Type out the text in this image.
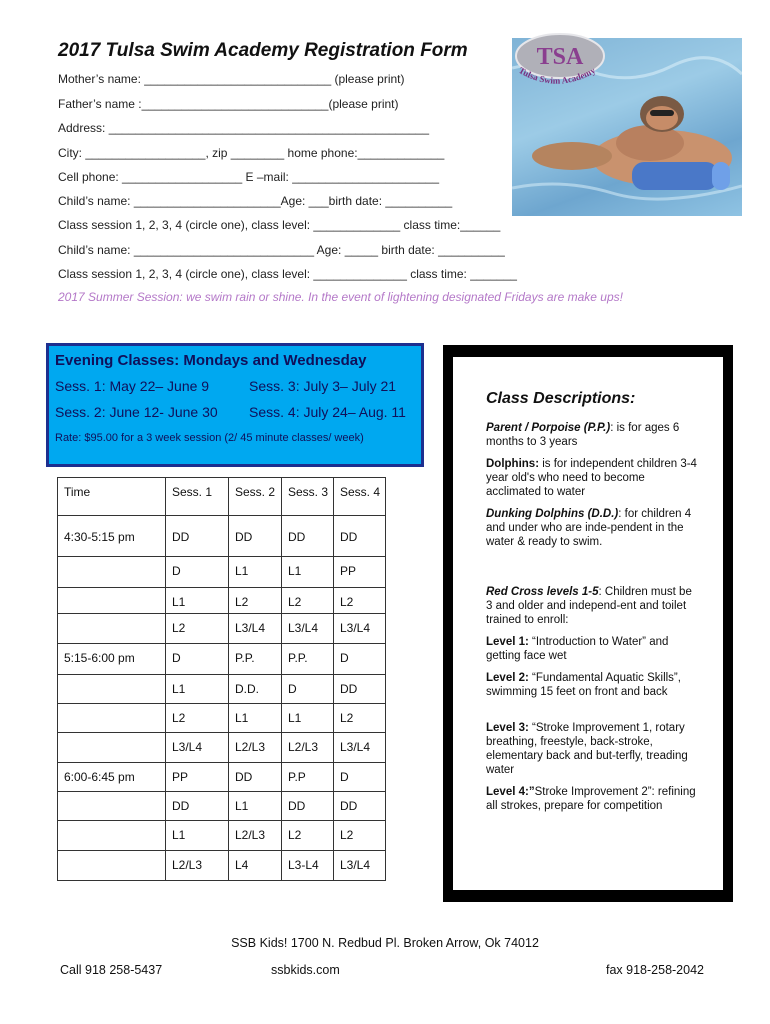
2017 Tulsa Swim Academy Registration Form
Mother’s name: ____________________________ (please print)
Father’s name :____________________________(please print)
Address: ________________________________________________
City: __________________, zip ________ home phone:_____________
Cell phone: __________________ E –mail: ______________________
Child’s name: ______________________Age: ___birth date: __________
Class session 1, 2, 3, 4 (circle one), class level: _____________ class time:______
Child’s name: ___________________________ Age: _____ birth date: __________
Class session 1, 2, 3, 4 (circle one), class level: ______________ class time: _______
2017 Summer Session: we swim rain or shine. In the event of lightening designated Fridays are make ups!
TSA
Tulsa Swim Academy
Evening Classes: Mondays and Wednesday
Sess. 1: May 22– June 9	Sess. 3: July 3– July 21
Sess. 2: June 12- June 30 Sess. 4: July 24– Aug. 11
Rate: $95.00 for a 3 week session (2/ 45 minute classes/ week)
Time	Sess. 1	Sess. 2	Sess. 3	Sess. 4
4:30-5:15 pm	DD	DD	DD	DD
	D	L1	L1	PP
	L1	L2	L2	L2
	L2	L3/L4	L3/L4	L3/L4
5:15-6:00 pm	D	P.P.	P.P.	D
	L1	D.D.	D	DD
	L2	L1	L1	L2
	L3/L4	L2/L3	L2/L3	L3/L4
6:00-6:45 pm	PP	DD	P.P	D
	DD	L1	DD	DD
	L1	L2/L3	L2	L2
	L2/L3	L4	L3-L4	L3/L4
Class Descriptions:
Parent / Porpoise (P.P.): is for ages 6 months to 3 years
Dolphins: is for independent children 3-4 year old's who need to become acclimated to water
Dunking Dolphins (D.D.): for children 4 and under who are inde-pendent in the water & ready to swim.
Red Cross levels 1-5: Children must be 3 and older and independ-ent and toilet trained to enroll:
Level 1: “Introduction to Water” and getting face wet
Level 2: “Fundamental Aquatic Skills”, swimming 15 feet on front and back
Level 3: “Stroke Improvement 1, rotary breathing, freestyle, back-stroke, elementary back and but-terfly, treading water
Level 4:”Stroke Improvement 2”: refining all strokes, prepare for competition
SSB Kids! 1700 N. Redbud Pl. Broken Arrow, Ok 74012
Call 918 258-5437	ssbkids.com	fax 918-258-2042
